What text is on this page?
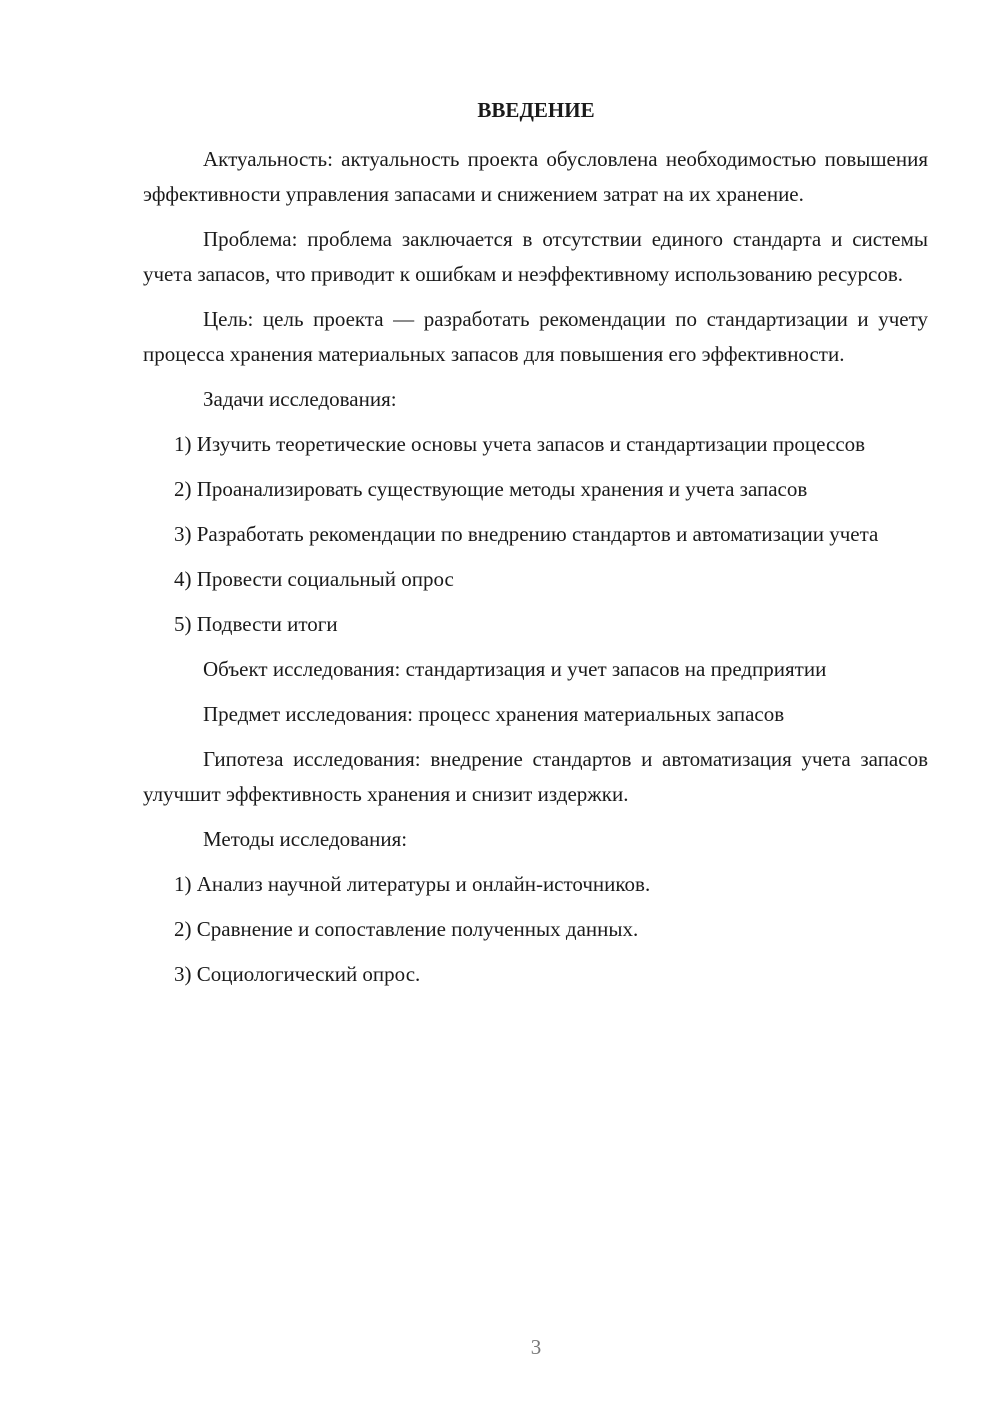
ВВЕДЕНИЕ

Актуальность: актуальность проекта обусловлена необходимостью повышения эффективности управления запасами и снижением затрат на их хранение.

Проблема: проблема заключается в отсутствии единого стандарта и системы учета запасов, что приводит к ошибкам и неэффективному использованию ресурсов.

Цель: цель проекта — разработать рекомендации по стандартизации и учету процесса хранения материальных запасов для повышения его эффективности.

Задачи исследования:

1) Изучить теоретические основы учета запасов и стандартизации процессов

2) Проанализировать существующие методы хранения и учета запасов

3) Разработать рекомендации по внедрению стандартов и автоматизации учета

4) Провести социальный опрос

5) Подвести итоги

Объект исследования: стандартизация и учет запасов на предприятии

Предмет исследования: процесс хранения материальных запасов

Гипотеза исследования: внедрение стандартов и автоматизация учета запасов улучшит эффективность хранения и снизит издержки.

Методы исследования:

1) Анализ научной литературы и онлайн-источников.

2) Сравнение и сопоставление полученных данных.

3) Социологический опрос.

3
